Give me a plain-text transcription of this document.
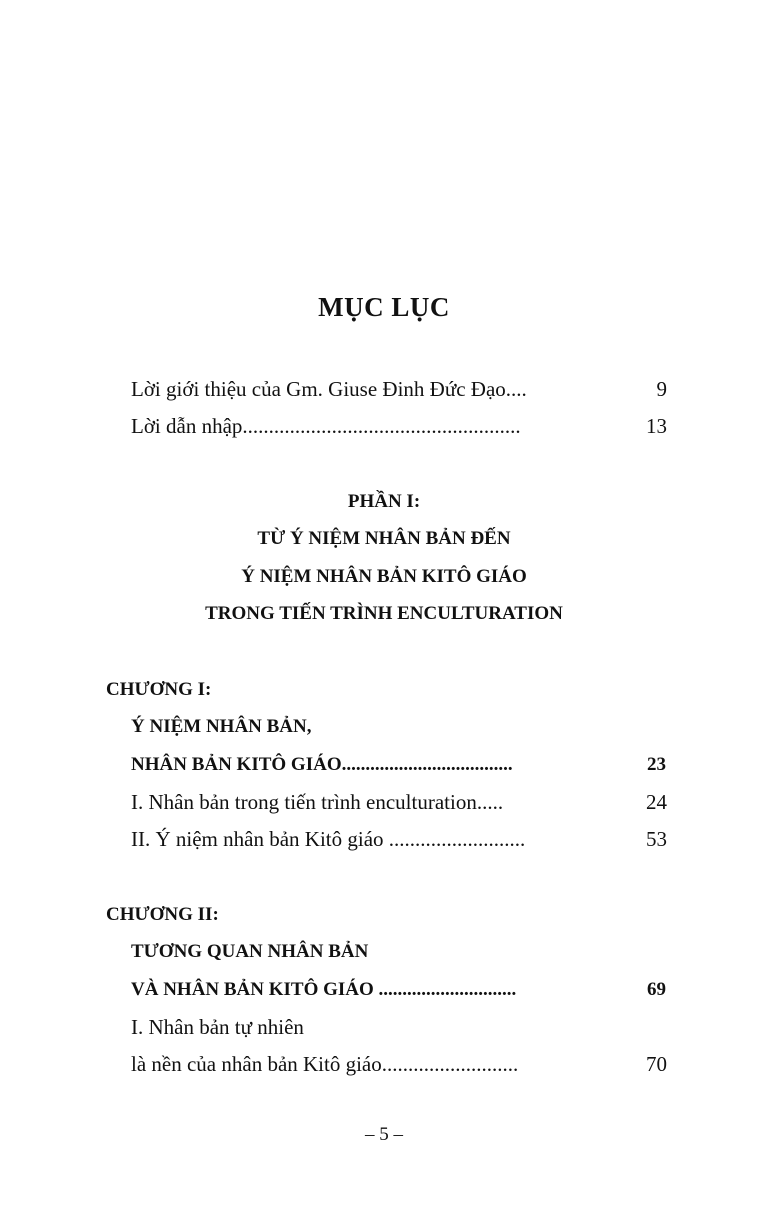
MỤC LỤC
Lời giới thiệu của Gm. Giuse Đinh Đức Đạo....	9
Lời dẫn nhập.....................................................	13
PHẦN I:
TỪ Ý NIỆM NHÂN BẢN ĐẾN
Ý NIỆM NHÂN BẢN KITÔ GIÁO
TRONG TIẾN TRÌNH ENCULTURATION
CHƯƠNG I:
Ý NIỆM NHÂN BẢN,
NHÂN BẢN KITÔ GIÁO....................................	23
I. Nhân bản trong tiến trình enculturation.....	24
II. Ý niệm nhân bản Kitô giáo ..........................	53
CHƯƠNG II:
TƯƠNG QUAN NHÂN BẢN
VÀ NHÂN BẢN KITÔ GIÁO .............................	69
I. Nhân bản tự nhiên
là nền của nhân bản Kitô giáo..........................	70
– 5 –
